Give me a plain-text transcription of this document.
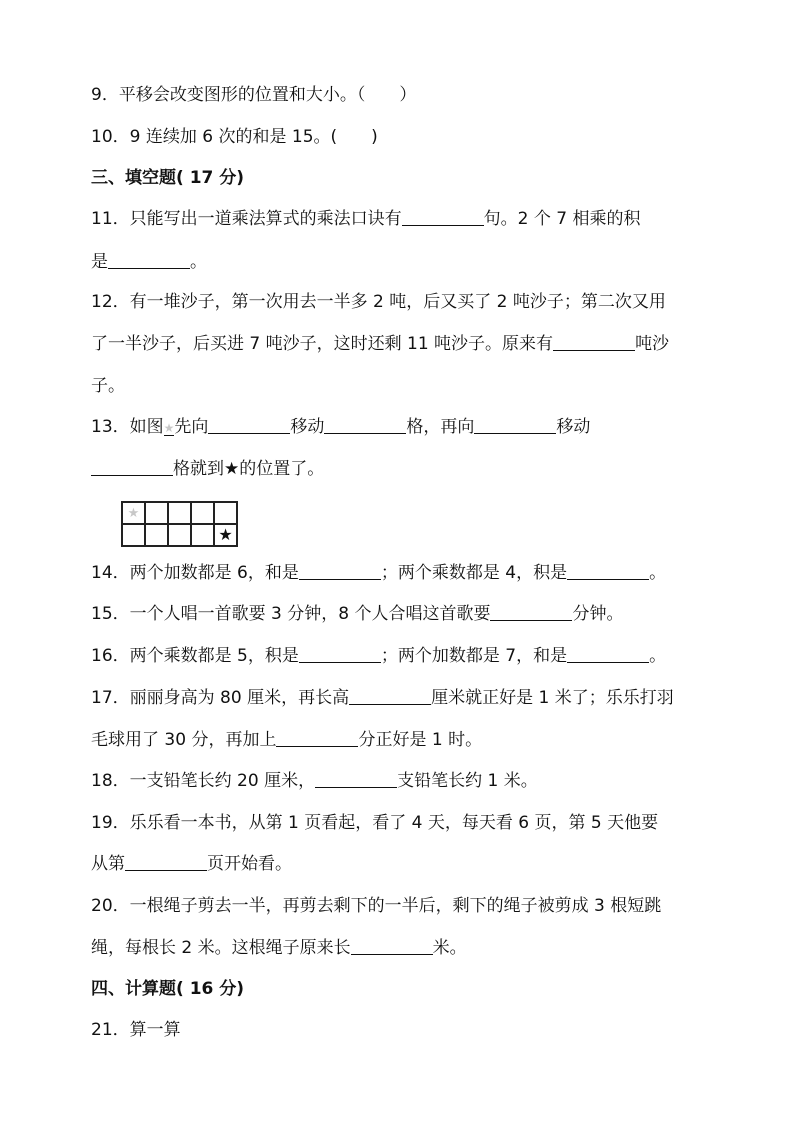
9．平移会改变图形的位置和大小。（　　）
10．9 连续加 6 次的和是 15。(　　)
三、填空题( 17 分)
11．只能写出一道乘法算式的乘法口诀有	句。2 个 7 相乘的积
是	。
12．有一堆沙子，第一次用去一半多 2 吨，后又买了 2 吨沙子；第二次又用
了一半沙子，后买进 7 吨沙子，这时还剩 11 吨沙子。原来有	吨沙
子。
13．如图★先向	移动	格，再向	移动
格就到★的位置了。
★				
				★
14．两个加数都是 6，和是	；两个乘数都是 4，积是	。
15．一个人唱一首歌要 3 分钟，8 个人合唱这首歌要	分钟。
16．两个乘数都是 5，积是	；两个加数都是 7，和是	。
17．丽丽身高为 80 厘米，再长高	厘米就正好是 1 米了；乐乐打羽
毛球用了 30 分，再加上	分正好是 1 时。
18．一支铅笔长约 20 厘米，	支铅笔长约 1 米。
19．乐乐看一本书，从第 1 页看起，看了 4 天，每天看 6 页，第 5 天他要
从第	页开始看。
20．一根绳子剪去一半，再剪去剩下的一半后，剩下的绳子被剪成 3 根短跳
绳，每根长 2 米。这根绳子原来长	米。
四、计算题( 16 分)
21．算一算
